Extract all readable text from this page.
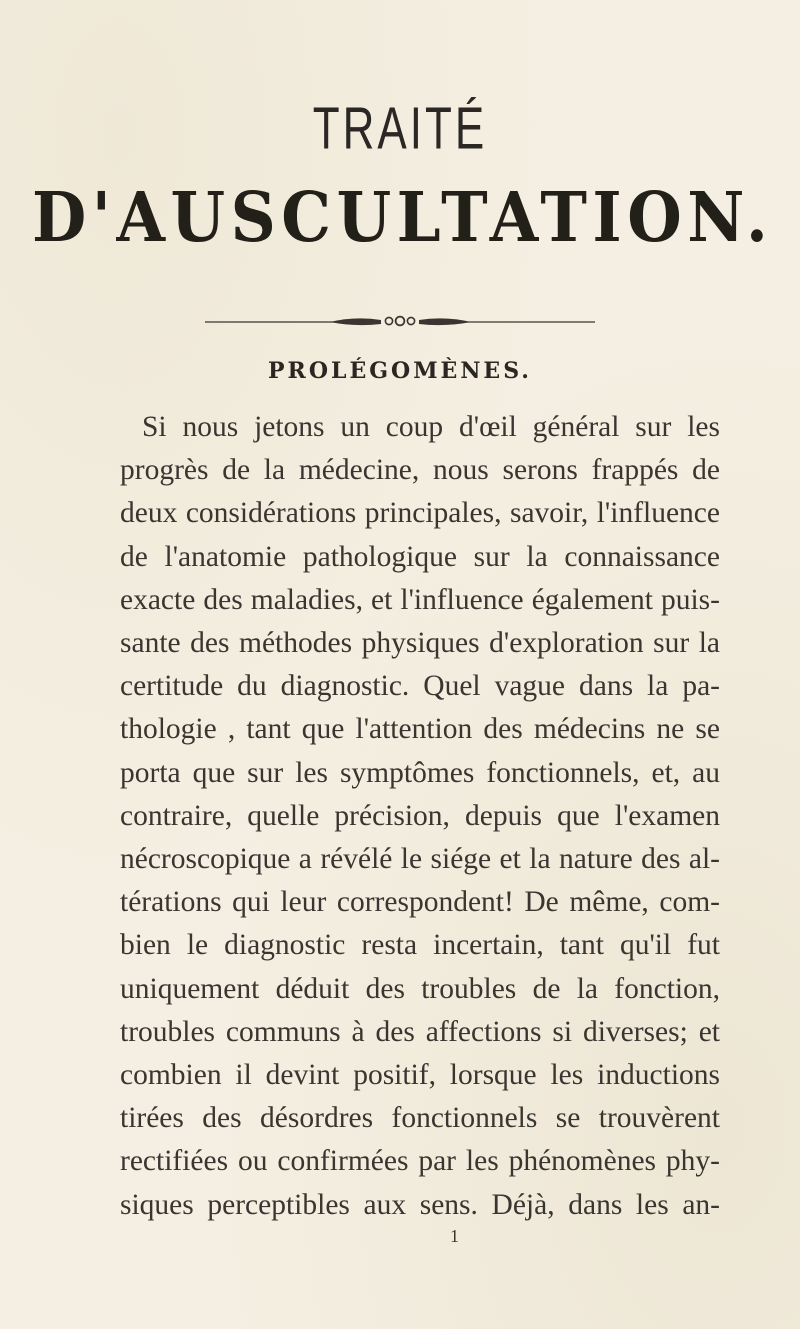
TRAITÉ
D'AUSCULTATION.
PROLÉGOMÈNES.
Si nous jetons un coup d'œil général sur les
progrès de la médecine, nous serons frappés de
deux considérations principales, savoir, l'influence
de l'anatomie pathologique sur la connaissance
exacte des maladies, et l'influence également puis-
sante des méthodes physiques d'exploration sur la
certitude du diagnostic. Quel vague dans la pa-
thologie , tant que l'attention des médecins ne se
porta que sur les symptômes fonctionnels, et, au
contraire, quelle précision, depuis que l'examen
nécroscopique a révélé le siége et la nature des al-
térations qui leur correspondent! De même, com-
bien le diagnostic resta incertain, tant qu'il fut
uniquement déduit des troubles de la fonction,
troubles communs à des affections si diverses; et
combien il devint positif, lorsque les inductions
tirées des désordres fonctionnels se trouvèrent
rectifiées ou confirmées par les phénomènes phy-
siques perceptibles aux sens. Déjà, dans les an-
1
